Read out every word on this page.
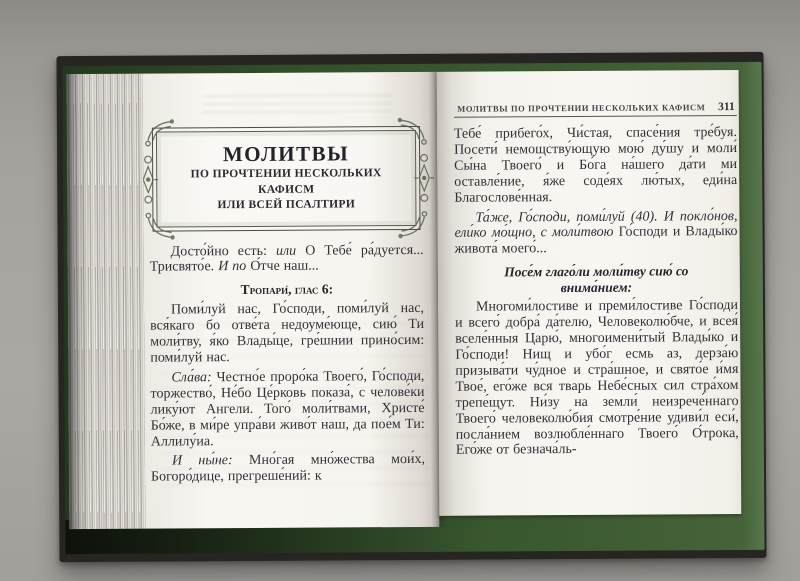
МОЛИТВЫ
ПО ПРОЧТЕНИИ НЕСКОЛЬКИХ КАФИСМ
ИЛИ ВСЕЙ ПСАЛТИРИ

Досто́йно есть: или О Тебе́ ра́дуется... Трисвято́е. И по О́тче наш...

Тропари́, глас 6:

Поми́луй нас, Го́споди, поми́луй нас, вся́каго бо отве́та недоуме́юще, сию́ Ти моли́тву, я́ко Влады́це, гре́шнии прино́сим: поми́луй нас.

Сла́ва: Честно́е проро́ка Твоего́, Го́споди, торжество́, Не́бо Це́рковь показа́, с челове́ки лику́ют Ангели. Того́ моли́твами, Христе́ Бо́же, в ми́ре упра́ви живо́т наш, да пое́м Ти: Аллилу́иа.

И ны́не: Мно́гая мно́жества мои́х, Богоро́дице, прегреше́ний: к

МОЛИТВЫ ПО ПРОЧТЕНИИ НЕСКОЛЬКИХ КАФИСМ 311

Тебе́ прибего́х, Чи́стая, спасе́ния тре́буя. Посети́ немощству́ющую мою́ ду́шу и моли́ Сы́на Твоего́ и Бо́га на́шего да́ти ми оставле́ние, я́же соде́ях лю́тых, еди́на Благослове́нная.

Та́же, Го́споди, поми́луй (40). И покло́нов, ели́ко мо́щно, с моли́твою Го́споди и Влады́ко живота́ моего́...

Посе́м глаго́ли моли́тву сию́ со внима́нием:

Многоми́лостиве и преми́лостиве Го́споди и всего́ добра́ да́телю, Человеколю́бче, и всея́ вселе́нныя Царю́, многоимени́тый Влады́ко и Го́споди! Нищ и убо́г есмь аз, дерза́ю призыва́ти чу́дное и стра́шное, и свято́е и́мя Твое́, его́же вся тварь Небе́сных сил стра́хом трепе́щут. Ни́зу на земли́ неизрече́ннаго Твоего́ человеколю́бия смотре́ние удиви́л еси́, посла́нием возлюбле́ннаго Твоего́ О́трока, Его́же от безнача́ль-
